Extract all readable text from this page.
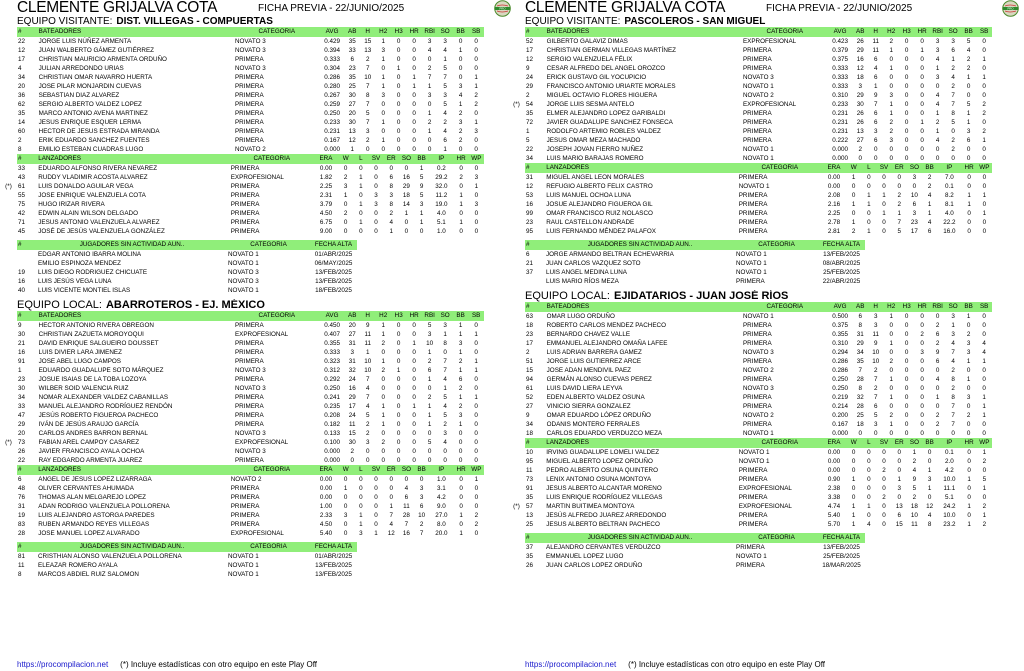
CLEMENTE GRIJALVA COTA	FICHA PREVIA - 22/JUNIO/2025	PRO
EQUIPO VISITANTE: DIST. VILLEGAS - COMPUERTAS
#	BATEADORES	CATEGORIA	AVG	AB	H	H2	H3	HR	RBI	SO	BB	SB
22	JORGE LUIS NÚÑEZ ARMENTA	NOVATO 3	0.429	35	15	1	0	0	3	3	0	0
12	JUAN WALBERTO GÁMEZ GUTIÉRREZ	NOVATO 3	0.394	33	13	3	0	0	4	4	1	0
17	CHRISTIAN MAURICIO ARMENTA ORDUÑO	PRIMERA	0.333	6	2	1	0	0	0	1	0	0
4	JULIAN ARREDONDO URIAS	NOVATO 3	0.304	23	7	0	1	0	2	5	0	0
34	CHRISTIAN OMAR NAVARRO HUERTA	PRIMERA	0.286	35	10	1	0	1	7	7	0	1
20	JOSE PILAR MONJARDIN CUEVAS	PRIMERA	0.280	25	7	1	0	1	1	5	3	1
36	SEBASTIAN DIAZ ALVAREZ	PRIMERA	0.267	30	8	3	0	0	3	3	4	2
62	SERGIO ALBERTO VALDEZ LOPEZ	PRIMERA	0.259	27	7	0	0	0	0	5	1	2
35	MARCO ANTONIO AVENA MARTINEZ	PRIMERA	0.250	20	5	0	0	0	1	4	2	0
14	JESUS ENRIQUE ESQUER LERMA	PRIMERA	0.233	30	7	1	0	0	2	2	3	1
60	HECTOR DE JESUS ESTRADA MIRANDA	PRIMERA	0.231	13	3	0	0	0	1	4	2	3
2	ERIK EDUARDO SANCHEZ FUENTES	PRIMERA	0.167	12	2	1	0	0	0	6	2	0
8	EMILIO ESTEBAN CUADRAS LUGO	NOVATO 2	0.000	1	0	0	0	0	0	1	0	0
(*)
#	LANZADORES	CATEGORIA	ERA	W	L	SV	ER	SO	BB	IP	HR	WP
33	EDUARDO ALFONSO RIVERA NEVAREZ	PRIMERA	0.00	0	0	0	0	0	1	0.2	0	0
43	RUDDY VLADIMIR ACOSTA ALVAREZ	EXPROFESIONAL	1.82	2	1	0	6	16	5	29.2	2	3
61	LUIS DONALDO AGUILAR VEGA	PRIMERA	2.25	3	1	0	8	29	9	32.0	0	1
55	JOSE ENRIQUE VALENZUELA COTA	PRIMERA	2.31	1	0	3	3	18	5	11.2	1	0
75	HUGO IRIZAR RIVERA	PRIMERA	3.79	0	1	3	8	14	3	19.0	1	3
42	EDWIN ALAIN WILSON DELGADO	PRIMERA	4.50	2	0	0	2	1	1	4.0	0	0
71	JESUS ANTONIO VALENZUELA ALVAREZ	PRIMERA	6.75	0	1	0	4	0	1	5.1	1	0
45	JOSÉ DE JESÚS VALENZUELA GONZÁLEZ	PRIMERA	9.00	0	0	0	1	0	0	1.0	0	0
#	JUGADORES SIN ACTIVIDAD AUN..	CATEGORIA	FECHA ALTA
	EDGAR ANTONIO IBARRA MOLINA	NOVATO 1	01/ABR/2025
	EMILIO ESPINOZA MENDEZ	NOVATO 1	06/MAY/2025
19	LUIS DIEGO RODRIGUEZ CHICUATE	NOVATO 3	13/FEB/2025
16	LUIS JESÚS VEGA LUNA	NOVATO 3	13/FEB/2025
40	LUIS VICENTE MONTIEL ISLAS	NOVATO 1	18/FEB/2025
EQUIPO LOCAL: ABARROTEROS - EJ. MÉXICO
(*)
#	BATEADORES	CATEGORIA	AVG	AB	H	H2	H3	HR	RBI	SO	BB	SB
9	HECTOR ANTONIO RIVERA OBREGON	PRIMERA	0.450	20	9	1	0	0	5	3	1	0
30	CHRISTIAN ZAZUETA MOROYOQUI	EXPROFESIONAL	0.407	27	11	1	0	0	3	1	1	1
21	DAVID ENRIQUE SALGUEIRO DOUSSET	PRIMERA	0.355	31	11	2	0	1	10	8	3	0
16	LUIS DIVIER LARA JIMENEZ	PRIMERA	0.333	3	1	0	0	0	1	0	1	0
91	JOSE ABEL LUGO CAMPOS	PRIMERA	0.323	31	10	1	0	0	2	7	2	1
1	EDUARDO GUADALUPE SOTO MÁRQUEZ	NOVATO 3	0.312	32	10	2	1	0	6	7	1	1
23	JOSUE ISAIAS DE LA TOBA LOZOYA	PRIMERA	0.292	24	7	0	0	0	1	4	6	0
30	WILBER SOID VALENCIA RUIZ	NOVATO 3	0.250	16	4	0	0	0	0	1	2	0
34	NOMAR ALEXANDER VALDEZ CABANILLAS	PRIMERA	0.241	29	7	0	0	0	2	5	1	1
33	MANUEL ALEJANDRO RODRÍGUEZ RENDÓN	PRIMERA	0.235	17	4	1	0	1	1	4	2	0
47	JESÚS ROBERTO FIGUEROA PACHECO	PRIMERA	0.208	24	5	1	0	0	1	5	3	0
29	IVÁN DE JESÚS ARAUJO GARCÍA	PRIMERA	0.182	11	2	1	0	0	1	2	1	0
20	CARLOS ANDRES BARRON BERNAL	NOVATO 3	0.133	15	2	0	0	0	0	3	0	0
73	FABIAN AREL CAMPOY CASAREZ	EXPROFESIONAL	0.100	30	3	2	0	0	5	4	0	0
26	JAVIER FRANCISCO AYALA OCHOA	NOVATO 3	0.000	2	0	0	0	0	0	0	0	0
22	RAY EDGARDO ARMENTA JUAREZ	PRIMERA	0.000	0	0	0	0	0	0	0	0	0
#	LANZADORES	CATEGORIA	ERA	W	L	SV	ER	SO	BB	IP	HR	WP
6	ANGEL DE JESUS LOPEZ LIZARRAGA	NOVATO 2	0.00	0	0	0	0	0	0	1.0	0	1
48	OLIVER CERVANTES AHUMADA	PRIMERA	0.00	1	0	0	0	4	3	3.1	0	0
76	THOMAS ALAN MELGAREJO LOPEZ	PRIMERA	0.00	0	0	0	0	6	3	4.2	0	0
31	ADAN RODRIGO VALENZUELA POLLORENA	PRIMERA	1.00	0	0	0	1	11	6	9.0	0	0
19	LUIS ALEJANDRO ASTORGA PAREDES	PRIMERA	2.33	3	1	0	7	28	10	27.0	1	2
83	RUBEN ARMANDO REYES VILLEGAS	PRIMERA	4.50	0	1	0	4	7	2	8.0	0	2
28	JOSE MANUEL LOPEZ ALVARADO	EXPROFESIONAL	5.40	0	3	1	12	16	7	20.0	1	0
#	JUGADORES SIN ACTIVIDAD AUN..	CATEGORIA	FECHA ALTA
81	CRISTHIAN ALONSO VALENZUELA POLLORENA	NOVATO 1	01/ABR/2025
11	ELEAZAR ROMERO AYALA	NOVATO 1	13/FEB/2025
8	MARCOS ABDIEL RUIZ SALOMON	NOVATO 1	13/FEB/2025
https://procompilacion.net (*) Incluye estadísticas con otro equipo en este Play Off
CLEMENTE GRIJALVA COTA	FICHA PREVIA - 22/JUNIO/2025	PRO
EQUIPO VISITANTE: PASCOLEROS - SAN MIGUEL
(*)
#	BATEADORES	CATEGORIA	AVG	AB	H	H2	H3	HR	RBI	SO	BB	SB
52	GILBERTO GALAVIZ DIMAS	EXPROFESIONAL	0.423	26	11	2	0	0	3	3	5	0
17	CHRISTIAN GERMAN VILLEGAS MARTÍNEZ	PRIMERA	0.379	29	11	1	0	1	3	6	4	0
12	SERGIO VALENZUELA FÉLIX	PRIMERA	0.375	16	6	0	0	0	4	1	2	1
9	CESAR ALFREDO DEL ANGEL OROZCO	PRIMERA	0.333	12	4	1	0	0	1	2	2	0
24	ERICK GUSTAVO GIL YOCUPICIO	NOVATO 3	0.333	18	6	0	0	0	3	4	1	1
29	FRANCISCO ANTONIO URIARTE MORALES	NOVATO 1	0.333	3	1	0	0	0	0	2	0	0
2	MIGUEL OCTAVIO FLORES HIGUERA	NOVATO 2	0.310	29	9	3	0	0	4	7	0	0
54	JORGE LUIS SESMA ANTELO	EXPROFESIONAL	0.233	30	7	1	0	0	4	7	5	2
35	ELMER ALEJANDRO LOPEZ GARIBALDI	PRIMERA	0.231	26	6	1	0	0	1	8	1	2
72	JAVIER GUADALUPE SANCHEZ FONSECA	PRIMERA	0.231	26	6	2	0	1	2	5	1	0
1	RODOLFO ARTEMIO ROBLES VALDEZ	PRIMERA	0.231	13	3	2	0	0	1	0	3	2
5	JESUS OMAR MEZA MACHADO	PRIMERA	0.222	27	6	3	0	0	4	2	6	1
22	JOSEPH JOVAN FIERRO NUÑEZ	NOVATO 1	0.000	2	0	0	0	0	0	2	0	0
34	LUIS MARIO BARAJAS ROMERO	NOVATO 1	0.000	0	0	0	0	0	0	0	0	0
#	LANZADORES	CATEGORIA	ERA	W	L	SV	ER	SO	BB	IP	HR	WP
31	MIGUEL ANGEL LEON MORALES	PRIMERA	0.00	1	0	0	0	3	2	7.0	0	0
12	REFUGIO ALBERTO FELIX CASTRO	NOVATO 1	0.00	0	0	0	0	0	2	0.1	0	0
53	LUIS MANUEL OCHOA LUNA	PRIMERA	2.08	0	1	1	2	10	4	8.2	1	1
16	JOSUE ALEJANDRO FIGUEROA GIL	PRIMERA	2.16	1	1	0	2	6	1	8.1	1	0
99	OMAR FRANCISCO RUIZ NOLASCO	PRIMERA	2.25	0	0	1	1	3	1	4.0	0	1
23	RAUL CASTELLON ANDRADE	PRIMERA	2.78	1	0	0	7	23	4	22.2	0	0
95	LUIS FERNANDO MÉNDEZ PALAFOX	PRIMERA	2.81	2	1	0	5	17	6	16.0	0	0
#	JUGADORES SIN ACTIVIDAD AUN..	CATEGORIA	FECHA ALTA
6	JORGE ARMANDO BELTRAN ECHEVARRIA	NOVATO 1	13/FEB/2025
21	JUAN CARLOS VAZQUEZ SOTO	NOVATO 1	08/ABR/2025
37	LUIS ANGEL MEDINA LUNA	NOVATO 1	25/FEB/2025
	LUIS MARIO RÍOS MEZA	PRIMERA	22/ABR/2025
EQUIPO LOCAL: EJIDATARIOS - JUAN JOSÉ RÍOS
#	BATEADORES	CATEGORIA	AVG	AB	H	H2	H3	HR	RBI	SO	BB	SB
63	OMAR LUGO ORDUÑO	NOVATO 1	0.500	6	3	1	0	0	0	3	1	0
18	ROBERTO CARLOS MENDEZ PACHECO	PRIMERA	0.375	8	3	0	0	0	2	1	0	0
23	BERNARDO CHAVEZ VALLE	PRIMERA	0.355	31	11	0	0	2	6	3	2	0
17	EMMANUEL ALEJANDRO OMAÑA LAFEE	PRIMERA	0.310	29	9	1	0	0	2	4	3	4
2	LUIS ADRIAN BARRERA GAMEZ	NOVATO 3	0.294	34	10	0	0	3	9	7	3	4
51	JORGE LUIS GUTIERREZ ARCE	PRIMERA	0.286	35	10	2	0	0	6	4	1	1
15	JOSE ADAN MENDIVIL PAEZ	NOVATO 2	0.286	7	2	0	0	0	0	2	0	0
94	GERMÁN ALONSO CUEVAS PEREZ	PRIMERA	0.250	28	7	1	0	0	4	8	1	0
61	LUIS DAVID LIERA LEYVA	NOVATO 3	0.250	8	2	0	0	0	0	2	0	0
52	EDEN ALBERTO VALDEZ OSUNA	PRIMERA	0.219	32	7	1	0	0	1	8	3	1
27	VINICIO SIERRA GONZALEZ	PRIMERA	0.214	28	6	0	0	0	0	7	0	1
9	OMAR EDUARDO LÓPEZ ORDUÑO	NOVATO 2	0.200	25	5	2	0	0	2	7	2	1
34	ODANIS MONTERO FERRALES	PRIMERA	0.167	18	3	1	0	0	2	7	0	0
18	CARLOS EDUARDO VERDUZCO MEZA	NOVATO 1	0.000	0	0	0	0	0	0	0	0	0
(*)
#	LANZADORES	CATEGORIA	ERA	W	L	SV	ER	SO	BB	IP	HR	WP
10	IRVING GUADALUPE LOMELI VALDEZ	NOVATO 1	0.00	0	0	0	0	1	0	0.1	0	1
95	MIGUEL ALBERTO LOPEZ ORDUÑO	NOVATO 1	0.00	0	0	0	0	2	0	2.0	0	2
11	PEDRO ALBERTO OSUNA QUINTERO	PRIMERA	0.00	0	0	2	0	4	1	4.2	0	0
73	LENIX ANTONIO OSUNA MONTOYA	PRIMERA	0.90	1	0	0	1	9	3	10.0	1	5
91	JESUS ALBERTO ALCANTAR MORENO	EXPROFESIONAL	2.38	0	0	0	3	5	1	11.1	0	1
35	LUIS ENRIQUE RODRÍGUEZ VILLEGAS	PRIMERA	3.38	0	0	2	0	2	0	5.1	0	0
57	MARTIN BUITIMEA MONTOYA	EXPROFESIONAL	4.74	1	1	0	13	18	12	24.2	1	2
13	JESÚS ALFREDO JUAREZ ARREDONDO	PRIMERA	5.40	1	0	0	6	10	4	10.0	0	1
25	JESUS ALBERTO BELTRAN PACHECO	PRIMERA	5.70	1	4	0	15	11	8	23.2	1	2
#	JUGADORES SIN ACTIVIDAD AUN..	CATEGORIA	FECHA ALTA
37	ALEJANDRO CERVANTES VERDUZCO	PRIMERA	13/FEB/2025
35	EMMANUEL LOPEZ LUGO	NOVATO 1	25/FEB/2025
26	JUAN CARLOS LOPEZ ORDUÑO	PRIMERA	18/MAR/2025
https://procompilacion.net (*) Incluye estadísticas con otro equipo en este Play Off
